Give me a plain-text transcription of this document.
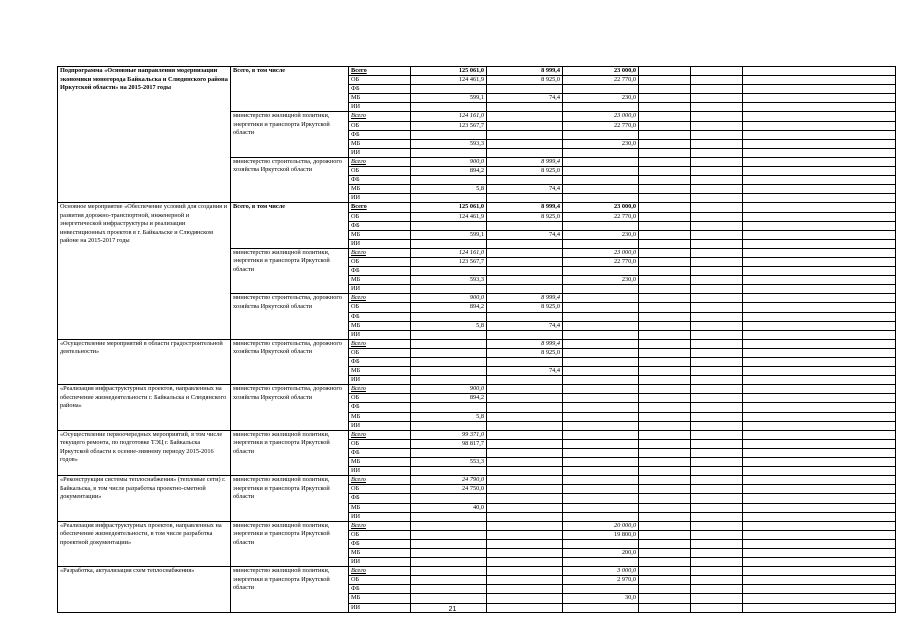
Подпрограмма «Основные направления модернизации экономики моногорода Байкальска и Слюдянского района Иркутской области» на 2015-2017 годы	Всего, в том числе	Всего	125 061,0	8 999,4	23 000,0			
		ОБ	124 461,9	8 925,0	22 770,0			
		ФБ						
		МБ	599,1	74,4	230,0			
		ИИ						
	министерство жилищной политики, энергетики и транспорта Иркутской области	Всего	124 161,0		23 000,0			
		ОБ	123 567,7		22 770,0			
		ФБ						
		МБ	593,3		230,0			
		ИИ						
	министерство строительства, дорожного хозяйства Иркутской области	Всего	900,0	8 999,4				
		ОБ	894,2	8 925,0				
		ФБ						
		МБ	5,8	74,4				
		ИИ						
Основное мероприятие «Обеспечение условий для создания и развития дорожно-транспортной, инженерной и энергетической инфраструктуры и реализации инвестиционных проектов в г. Байкальске и Слюдянском районе на 2015-2017 годы	Всего, в том числе	Всего	125 061,0	8 999,4	23 000,0			
		ОБ	124 461,9	8 925,0	22 770,0			
		ФБ						
		МБ	599,1	74,4	230,0			
		ИИ						
	министерство жилищной политики, энергетики и транспорта Иркутской области	Всего	124 161,0		23 000,0			
		ОБ	123 567,7		22 770,0			
		ФБ						
		МБ	593,3		230,0			
		ИИ						
	министерство строительства, дорожного хозяйства Иркутской области	Всего	900,0	8 999,4				
		ОБ	894,2	8 925,0				
		ФБ						
		МБ	5,8	74,4				
		ИИ						
«Осуществление мероприятий в области градостроительной деятельности»	министерство строительства, дорожного хозяйства Иркутской области	Всего		8 999,4				
		ОБ		8 925,0				
		ФБ						
		МБ		74,4				
		ИИ						
«Реализация инфраструктурных проектов, направленных на обеспечение жизнедеятельности г. Байкальска и Слюдянского района»	министерство строительства, дорожного хозяйства Иркутской области	Всего	900,0					
		ОБ	894,2					
		ФБ						
		МБ	5,8					
		ИИ						
«Осуществление первоочередных мероприятий, в том числе текущего ремонта, по подготовке ТЭЦ г. Байкальска Иркутской области к осенне-зимнему периоду 2015-2016 годов»	министерство жилищной политики, энергетики и транспорта Иркутской области	Всего	99 371,0					
		ОБ	98 817,7					
		ФБ						
		МБ	553,3					
		ИИ						
«Реконструкция системы теплоснабжения» (тепловые сети) г. Байкальска, в том числе разработка проектно-сметной документации»	министерство жилищной политики, энергетики и транспорта Иркутской области	Всего	24 790,0					
		ОБ	24 750,0					
		ФБ						
		МБ	40,0					
		ИИ						
«Реализация инфраструктурных проектов, направленных на обеспечение жизнедеятельности, в том числе разработка проектной документации»	министерство жилищной политики, энергетики и транспорта Иркутской области	Всего			20 000,0			
		ОБ			19 800,0			
		ФБ						
		МБ			200,0			
		ИИ						
«Разработка, актуализация схем теплоснабжения»	министерство жилищной политики, энергетики и транспорта Иркутской области	Всего			3 000,0			
		ОБ			2 970,0			
		ФБ						
		МБ			30,0			
		ИИ							21
